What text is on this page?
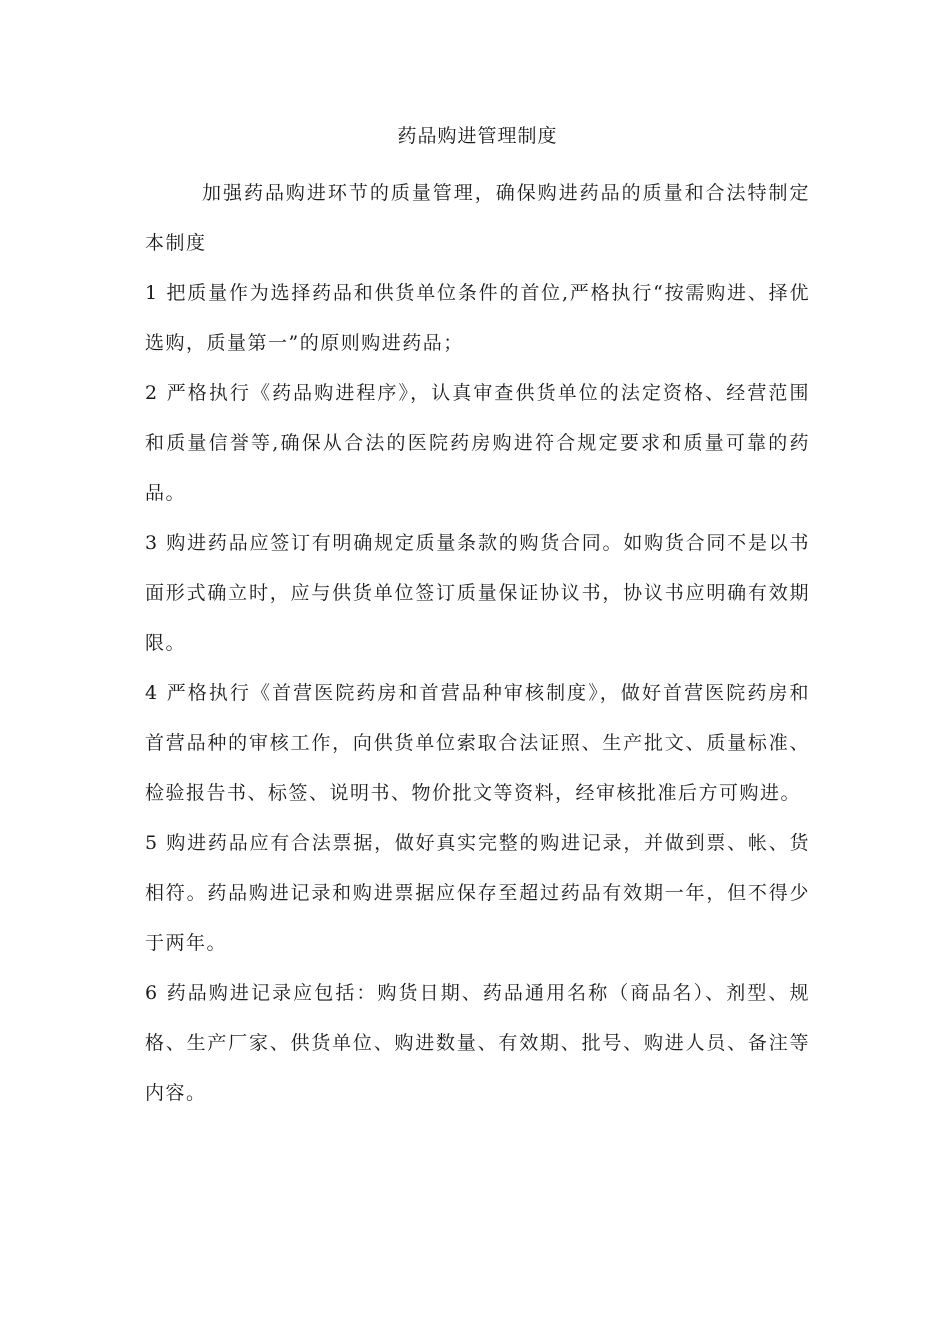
药品购进管理制度

加强药品购进环节的质量管理，确保购进药品的质量和合法特制定本制度

1 把质量作为选择药品和供货单位条件的首位,严格执行“按需购进、择优选购，质量第一”的原则购进药品；

2 严格执行《药品购进程序》，认真审查供货单位的法定资格、经营范围和质量信誉等,确保从合法的医院药房购进符合规定要求和质量可靠的药品。

3 购进药品应签订有明确规定质量条款的购货合同。如购货合同不是以书面形式确立时，应与供货单位签订质量保证协议书，协议书应明确有效期限。

4 严格执行《首营医院药房和首营品种审核制度》，做好首营医院药房和首营品种的审核工作，向供货单位索取合法证照、生产批文、质量标准、检验报告书、标签、说明书、物价批文等资料，经审核批准后方可购进。

5 购进药品应有合法票据，做好真实完整的购进记录，并做到票、帐、货相符。药品购进记录和购进票据应保存至超过药品有效期一年，但不得少于两年。

6 药品购进记录应包括：购货日期、药品通用名称（商品名）、剂型、规格、生产厂家、供货单位、购进数量、有效期、批号、购进人员、备注等内容。
